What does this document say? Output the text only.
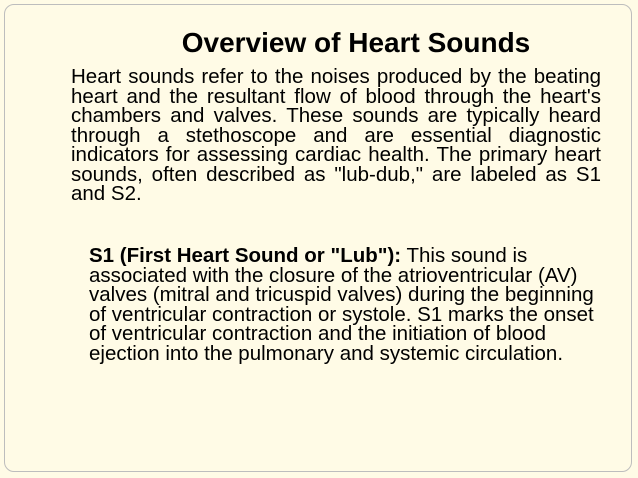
Overview of Heart Sounds

Heart sounds refer to the noises produced by the beating heart and the resultant flow of blood through the heart's chambers and valves. These sounds are typically heard through a stethoscope and are essential diagnostic indicators for assessing cardiac health. The primary heart sounds, often described as "lub-dub," are labeled as S1 and S2.

S1 (First Heart Sound or "Lub"): This sound is associated with the closure of the atrioventricular (AV) valves (mitral and tricuspid valves) during the beginning of ventricular contraction or systole. S1 marks the onset of ventricular contraction and the initiation of blood ejection into the pulmonary and systemic circulation.
